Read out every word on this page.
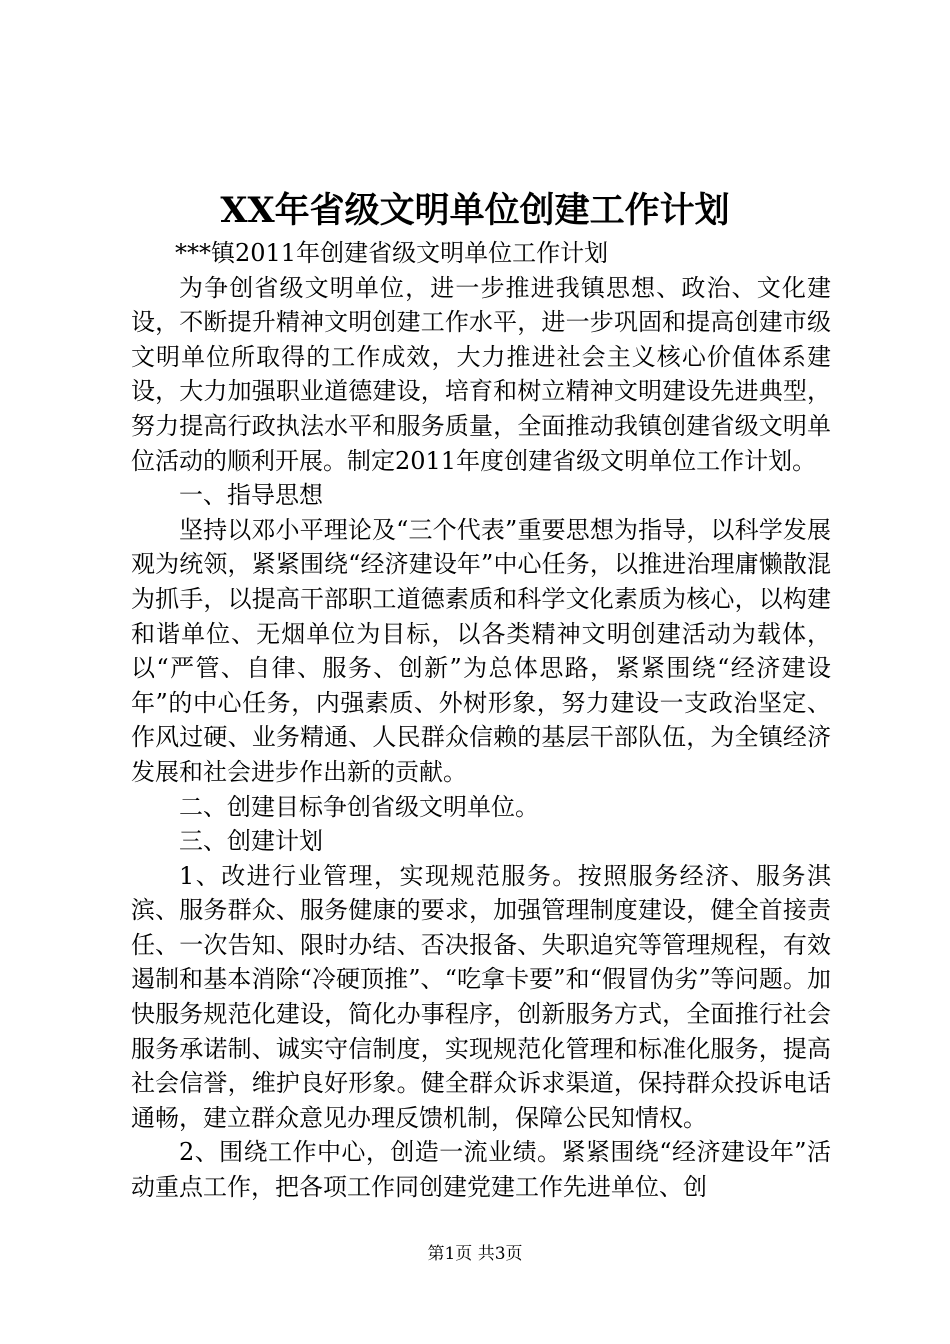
XX年省级文明单位创建工作计划

***镇2011年创建省级文明单位工作计划

为争创省级文明单位，进一步推进我镇思想、政治、文化建设，不断提升精神文明创建工作水平，进一步巩固和提高创建市级文明单位所取得的工作成效，大力推进社会主义核心价值体系建设，大力加强职业道德建设，培育和树立精神文明建设先进典型，努力提高行政执法水平和服务质量，全面推动我镇创建省级文明单位活动的顺利开展。制定2011年度创建省级文明单位工作计划。

一、指导思想

坚持以邓小平理论及“三个代表”重要思想为指导，以科学发展观为统领，紧紧围绕“经济建设年”中心任务，以推进治理庸懒散混为抓手，以提高干部职工道德素质和科学文化素质为核心，以构建和谐单位、无烟单位为目标，以各类精神文明创建活动为载体，以“严管、自律、服务、创新”为总体思路，紧紧围绕“经济建设年”的中心任务，内强素质、外树形象，努力建设一支政治坚定、作风过硬、业务精通、人民群众信赖的基层干部队伍，为全镇经济发展和社会进步作出新的贡献。

二、创建目标争创省级文明单位。

三、创建计划

1、改进行业管理，实现规范服务。按照服务经济、服务淇滨、服务群众、服务健康的要求，加强管理制度建设，健全首接责任、一次告知、限时办结、否决报备、失职追究等管理规程，有效遏制和基本消除“冷硬顶推”、“吃拿卡要”和“假冒伪劣”等问题。加快服务规范化建设，简化办事程序，创新服务方式，全面推行社会服务承诺制、诚实守信制度，实现规范化管理和标准化服务，提高社会信誉，维护良好形象。健全群众诉求渠道，保持群众投诉电话通畅，建立群众意见办理反馈机制，保障公民知情权。

2、围绕工作中心，创造一流业绩。紧紧围绕“经济建设年”活动重点工作，把各项工作同创建党建工作先进单位、创

第1页 共3页
